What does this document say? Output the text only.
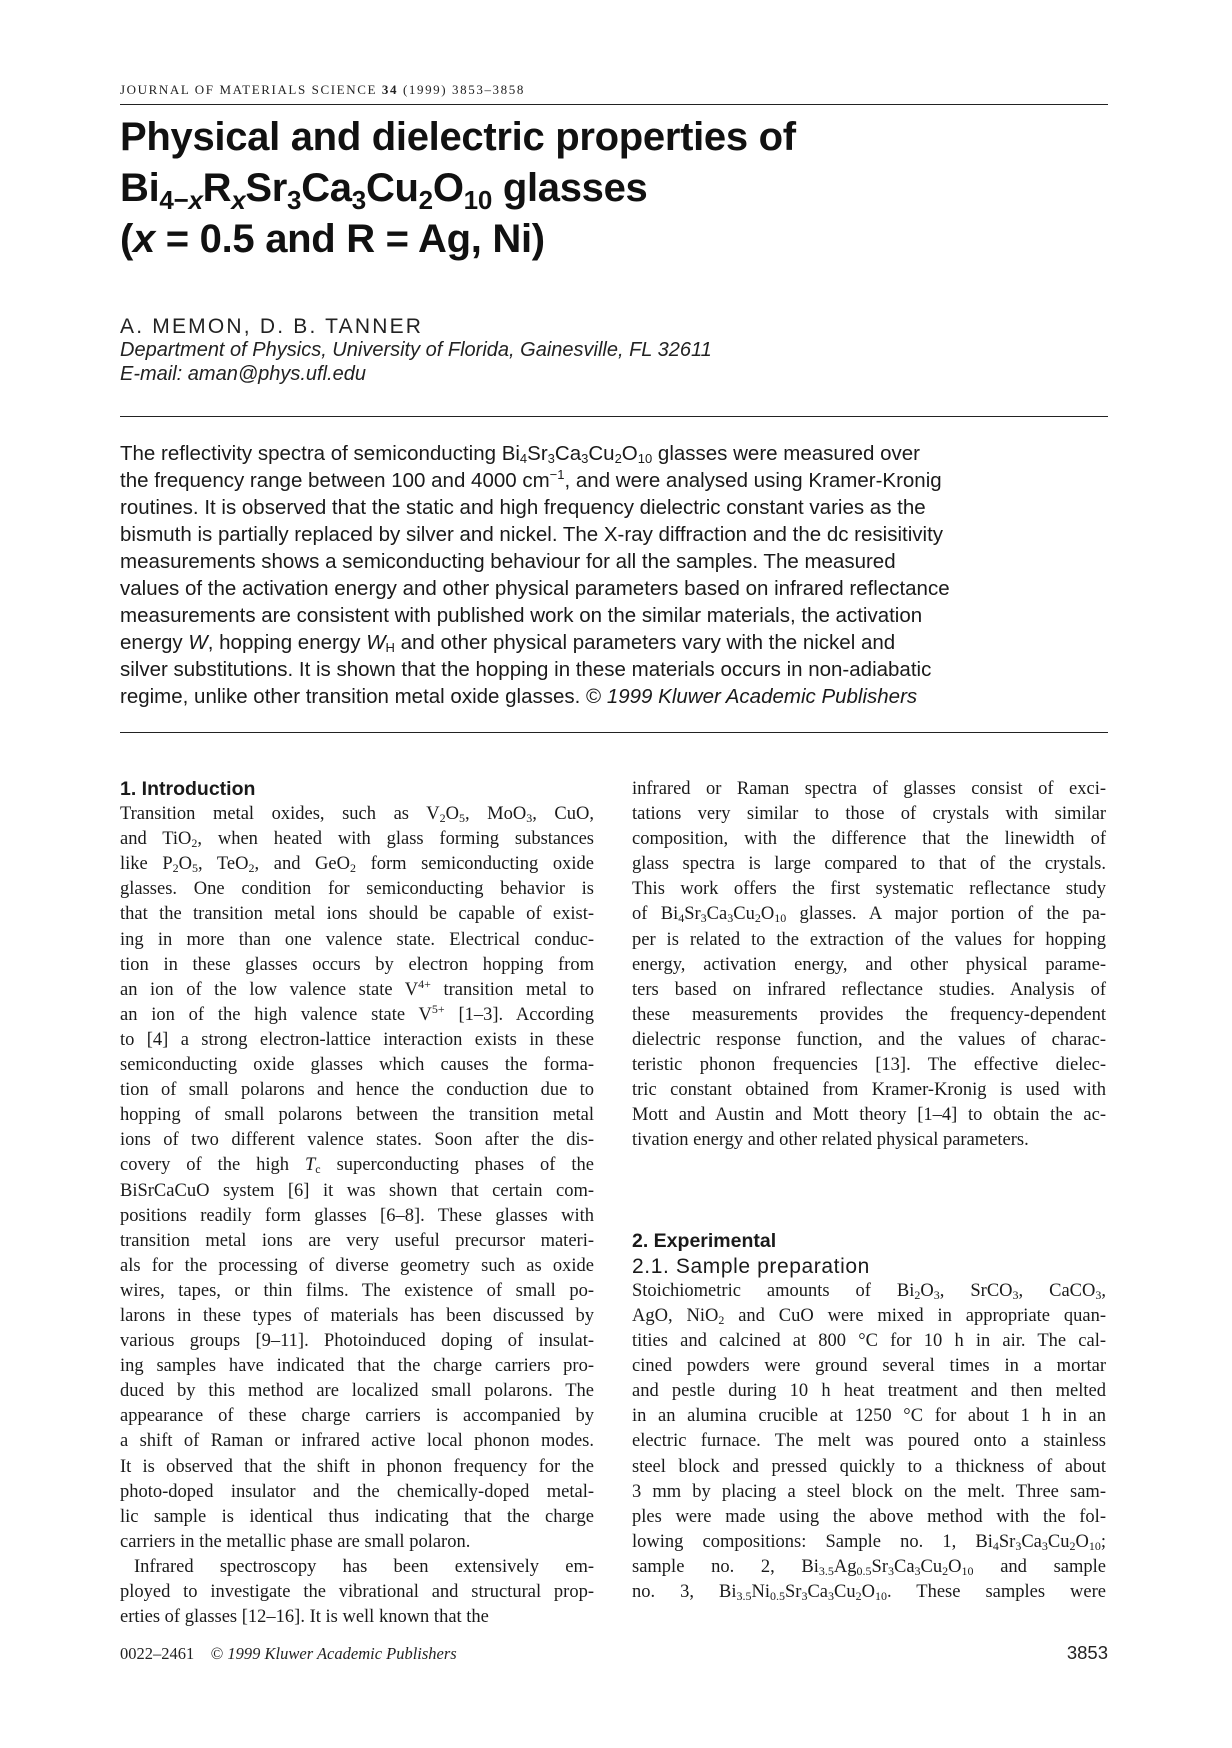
JOURNAL OF MATERIALS SCIENCE 34 (1999) 3853–3858
Physical and dielectric properties of
$Bi_{4-x}R_xSr_3Ca_3Cu_2O_{10}$ glasses
(x = 0.5 and R = Ag, Ni)
A. MEMON, D. B. TANNER
Department of Physics, University of Florida, Gainesville, FL 32611
E-mail: aman@phys.ufl.edu
The reflectivity spectra of semiconducting $Bi_4Sr_3Ca_3Cu_2O_{10}$ glasses were measured over
the frequency range between 100 and 4000 $cm^{-1}$, and were analysed using Kramer-Kronig
routines. It is observed that the static and high frequency dielectric constant varies as the
bismuth is partially replaced by silver and nickel. The X-ray diffraction and the dc resisitivity
measurements shows a semiconducting behaviour for all the samples. The measured
values of the activation energy and other physical parameters based on infrared reflectance
measurements are consistent with published work on the similar materials, the activation
energy W, hopping energy $W_H$ and other physical parameters vary with the nickel and
silver substitutions. It is shown that the hopping in these materials occurs in non-adiabatic
regime, unlike other transition metal oxide glasses. © 1999 Kluwer Academic Publishers
1. Introduction
Transition metal oxides, such as $V_2O_5$, MoO$_3$, CuO,
and TiO$_2$, when heated with glass forming substances
like $P_2O_5$, TeO$_2$, and GeO$_2$ form semiconducting oxide
glasses. One condition for semiconducting behavior is
that the transition metal ions should be capable of exist-
ing in more than one valence state. Electrical conduc-
tion in these glasses occurs by electron hopping from
an ion of the low valence state $V^{4+}$ transition metal to
an ion of the high valence state $V^{5+}$ [1–3]. According
to [4] a strong electron-lattice interaction exists in these
semiconducting oxide glasses which causes the forma-
tion of small polarons and hence the conduction due to
hopping of small polarons between the transition metal
ions of two different valence states. Soon after the dis-
covery of the high $T_c$ superconducting phases of the
BiSrCaCuO system [6] it was shown that certain com-
positions readily form glasses [6–8]. These glasses with
transition metal ions are very useful precursor materi-
als for the processing of diverse geometry such as oxide
wires, tapes, or thin films. The existence of small po-
larons in these types of materials has been discussed by
various groups [9–11]. Photoinduced doping of insulat-
ing samples have indicated that the charge carriers pro-
duced by this method are localized small polarons. The
appearance of these charge carriers is accompanied by
a shift of Raman or infrared active local phonon modes.
It is observed that the shift in phonon frequency for the
photo-doped insulator and the chemically-doped metal-
lic sample is identical thus indicating that the charge
carriers in the metallic phase are small polaron.
Infrared spectroscopy has been extensively em-
ployed to investigate the vibrational and structural prop-
erties of glasses [12–16]. It is well known that the
infrared or Raman spectra of glasses consist of exci-
tations very similar to those of crystals with similar
composition, with the difference that the linewidth of
glass spectra is large compared to that of the crystals.
This work offers the first systematic reflectance study
of $Bi_4Sr_3Ca_3Cu_2O_{10}$ glasses. A major portion of the pa-
per is related to the extraction of the values for hopping
energy, activation energy, and other physical parame-
ters based on infrared reflectance studies. Analysis of
these measurements provides the frequency-dependent
dielectric response function, and the values of charac-
teristic phonon frequencies [13]. The effective dielec-
tric constant obtained from Kramer-Kronig is used with
Mott and Austin and Mott theory [1–4] to obtain the ac-
tivation energy and other related physical parameters.
2. Experimental
2.1. Sample preparation
Stoichiometric amounts of $Bi_2O_3$, SrCO$_3$, CaCO$_3$,
AgO, NiO$_2$ and CuO were mixed in appropriate quan-
tities and calcined at 800 °C for 10 h in air. The cal-
cined powders were ground several times in a mortar
and pestle during 10 h heat treatment and then melted
in an alumina crucible at 1250 °C for about 1 h in an
electric furnace. The melt was poured onto a stainless
steel block and pressed quickly to a thickness of about
3 mm by placing a steel block on the melt. Three sam-
ples were made using the above method with the fol-
lowing compositions: Sample no. 1, $Bi_4Sr_3Ca_3Cu_2O_{10}$;
sample no. 2, $Bi_{3.5}Ag_{0.5}Sr_3Ca_3Cu_2O_{10}$ and sample
no. 3, $Bi_{3.5}Ni_{0.5}Sr_3Ca_3Cu_2O_{10}$. These samples were
0022–2461 © 1999 Kluwer Academic Publishers	3853
